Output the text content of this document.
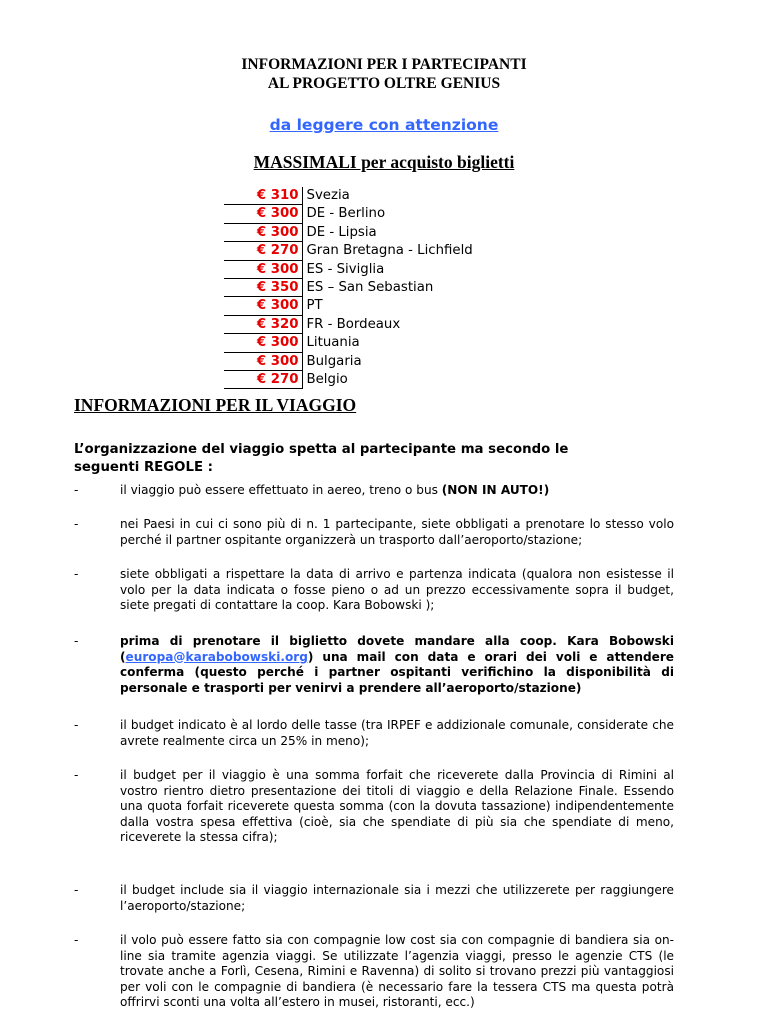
INFORMAZIONI PER I PARTECIPANTI
AL PROGETTO OLTRE GENIUS
da leggere con attenzione
MASSIMALI per acquisto biglietti
€ 310	Svezia
€ 300	DE - Berlino
€ 300	DE - Lipsia
€ 270	Gran Bretagna - Lichfield
€ 300	ES - Siviglia
€ 350	ES – San Sebastian
€ 300	PT
€ 320	FR - Bordeaux
€ 300	Lituania
€ 300	Bulgaria
€ 270	Belgio
INFORMAZIONI PER IL VIAGGIO
L’organizzazione del viaggio spetta al partecipante ma secondo le seguenti REGOLE :
-	il viaggio può essere effettuato in aereo, treno o bus (NON IN AUTO!)
-	nei Paesi in cui ci sono più di n. 1 partecipante, siete obbligati a prenotare lo stesso volo perché il partner ospitante organizzerà un trasporto dall’aeroporto/stazione;
-	siete obbligati a rispettare la data di arrivo e partenza indicata (qualora non esistesse il volo per la data indicata o fosse pieno o ad un prezzo eccessivamente sopra il budget, siete pregati di contattare la coop. Kara Bobowski );
-	prima di prenotare il biglietto dovete mandare alla coop. Kara Bobowski (europa@karabobowski.org) una mail con data e orari dei voli e attendere conferma (questo perché i partner ospitanti verifichino la disponibilità di personale e trasporti per venirvi a prendere all’aeroporto/stazione)
-	il budget indicato è al lordo delle tasse (tra IRPEF e addizionale comunale, considerate che avrete realmente circa un 25% in meno);
-	il budget per il viaggio è una somma forfait che riceverete dalla Provincia di Rimini al vostro rientro dietro presentazione dei titoli di viaggio e della Relazione Finale. Essendo una quota forfait riceverete questa somma (con la dovuta tassazione) indipendentemente dalla vostra spesa effettiva (cioè, sia che spendiate di più sia che spendiate di meno, riceverete la stessa cifra);
-	il budget include sia il viaggio internazionale sia i mezzi che utilizzerete per raggiungere l’aeroporto/stazione;
-	il volo può essere fatto sia con compagnie low cost sia con compagnie di bandiera sia on-line sia tramite agenzia viaggi. Se utilizzate l’agenzia viaggi, presso le agenzie CTS (le trovate anche a Forlì, Cesena, Rimini e Ravenna) di solito si trovano prezzi più vantaggiosi per voli con le compagnie di bandiera (è necessario fare la tessera CTS ma questa potrà offrirvi sconti una volta all’estero in musei, ristoranti, ecc.)
